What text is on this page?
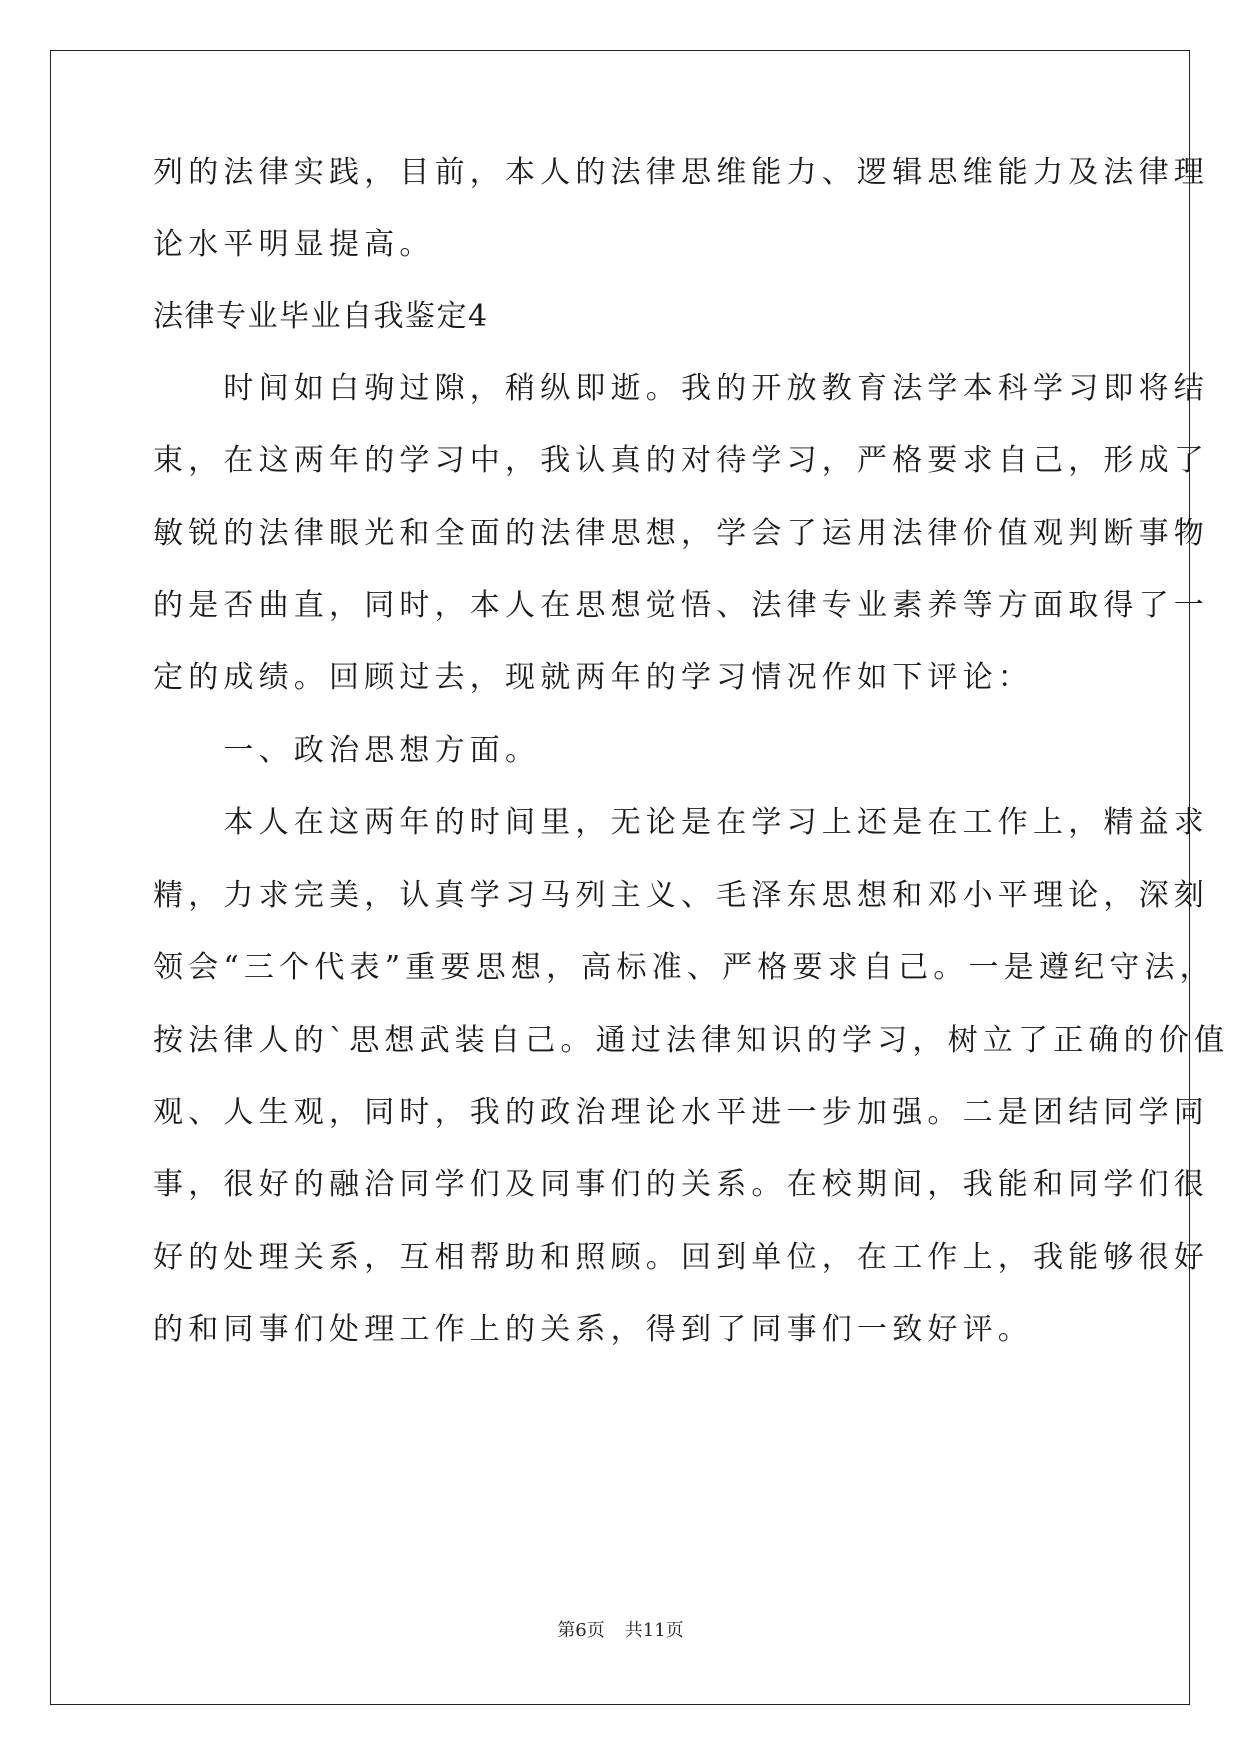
列的法律实践，目前，本人的法律思维能力、逻辑思维能力及法律理
论水平明显提高。
法律专业毕业自我鉴定4
　　时间如白驹过隙，稍纵即逝。我的开放教育法学本科学习即将结
束，在这两年的学习中，我认真的对待学习，严格要求自己，形成了
敏锐的法律眼光和全面的法律思想，学会了运用法律价值观判断事物
的是否曲直，同时，本人在思想觉悟、法律专业素养等方面取得了一
定的成绩。回顾过去，现就两年的学习情况作如下评论：
　　一、政治思想方面。
　　本人在这两年的时间里，无论是在学习上还是在工作上，精益求
精，力求完美，认真学习马列主义、毛泽东思想和邓小平理论，深刻
领会“三个代表”重要思想，高标准、严格要求自己。一是遵纪守法，
按法律人的`思想武装自己。通过法律知识的学习，树立了正确的价值
观、人生观，同时，我的政治理论水平进一步加强。二是团结同学同
事，很好的融洽同学们及同事们的关系。在校期间，我能和同学们很
好的处理关系，互相帮助和照顾。回到单位，在工作上，我能够很好
的和同事们处理工作上的关系，得到了同事们一致好评。
第6页 共11页
